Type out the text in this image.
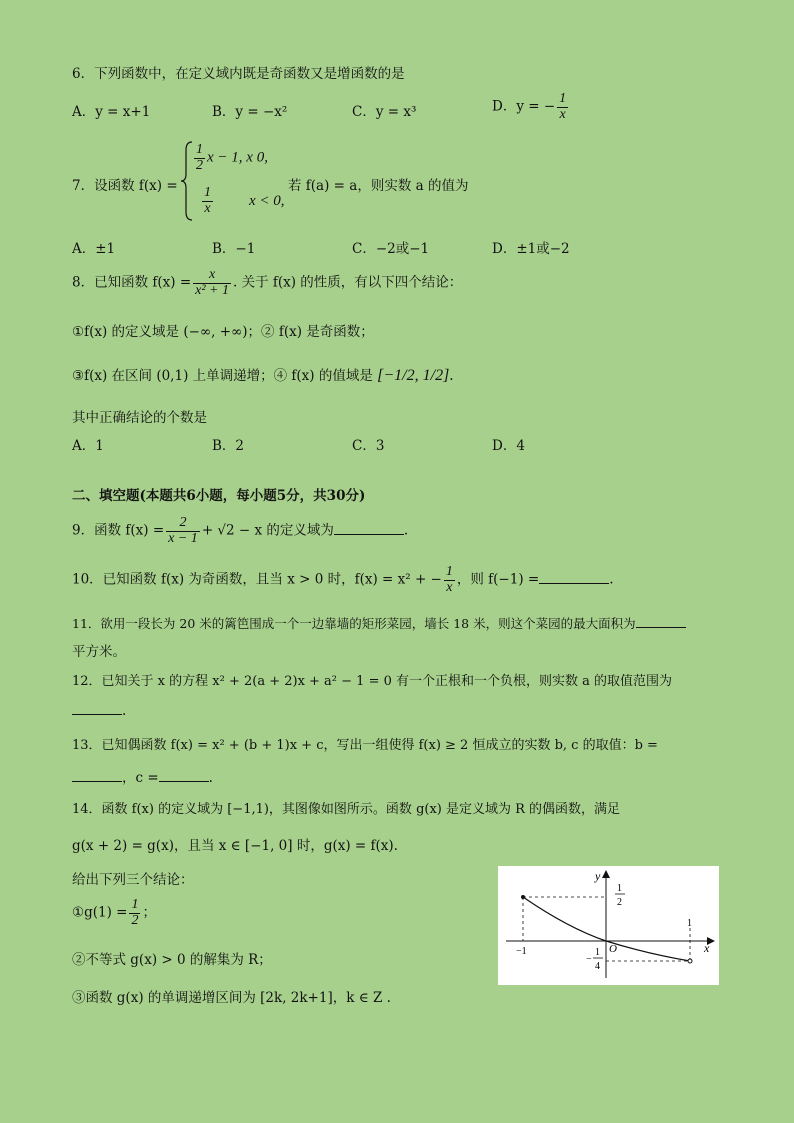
6．下列函数中，在定义域内既是奇函数又是增函数的是
A．y = x+1	B．y = −x²	C．y = x³	D．y = − $\frac{1}{x}$
7．设函数 f(x) =
$\frac{1}{2}$ x − 1, x 0,
$\frac{1}{x}$ x < 0,
若 f(a) = a，则实数 a 的值为
A．±1	B．−1	C．−2或−1	D．±1或−2
8．已知函数 $f(x) = \frac{x}{\text{x² + 1}}$ . 关于 f(x) 的性质，有以下四个结论：
①f(x) 的定义域是 (−∞, +∞)；② f(x) 是奇函数；
③f(x) 在区间 (0,1) 上单调递增；④ f(x) 的值域是 [−1/2, 1/2].
其中正确结论的个数是
A．1	B．2	C．3	D．4
二、填空题(本题共6小题，每小题5分，共30分)
9．函数 $f(x) = \frac{2}{x - 1} + √2 - x$ 的定义域为	.
10．已知函数 f(x) 为奇函数，且当 x > 0 时，f(x) = x² + − $\frac{1}{x}$ ，则 f(−1) =	.
11．欲用一段长为 20 米的篱笆围成一个一边靠墙的矩形菜园，墙长 18 米，则这个菜园的最大面积为
平方米。
12．已知关于 x 的方程 x² + 2(a + 2)x + a² − 1 = 0 有一个正根和一个负根，则实数 a 的取值范围为
.
13．已知偶函数 f(x) = x² + (b + 1)x + c，写出一组使得 f(x) ≥ 2 恒成立的实数 b, c 的取值：b =
，c =	.
14．函数 f(x) 的定义域为 [−1,1)，其图像如图所示。函数 g(x) 是定义域为 R 的偶函数，满足
g(x + 2) = g(x)，且当 x ∈ [−1, 0] 时，g(x) = f(x).
给出下列三个结论：
①g(1) = $\frac{1}{2}$ ；
②不等式 g(x) > 0 的解集为 R；
③函数 g(x) 的单调递增区间为 [2k, 2k+1]，k ∈ Z .
y
x
O
1
2
−
1
4
−1
1
